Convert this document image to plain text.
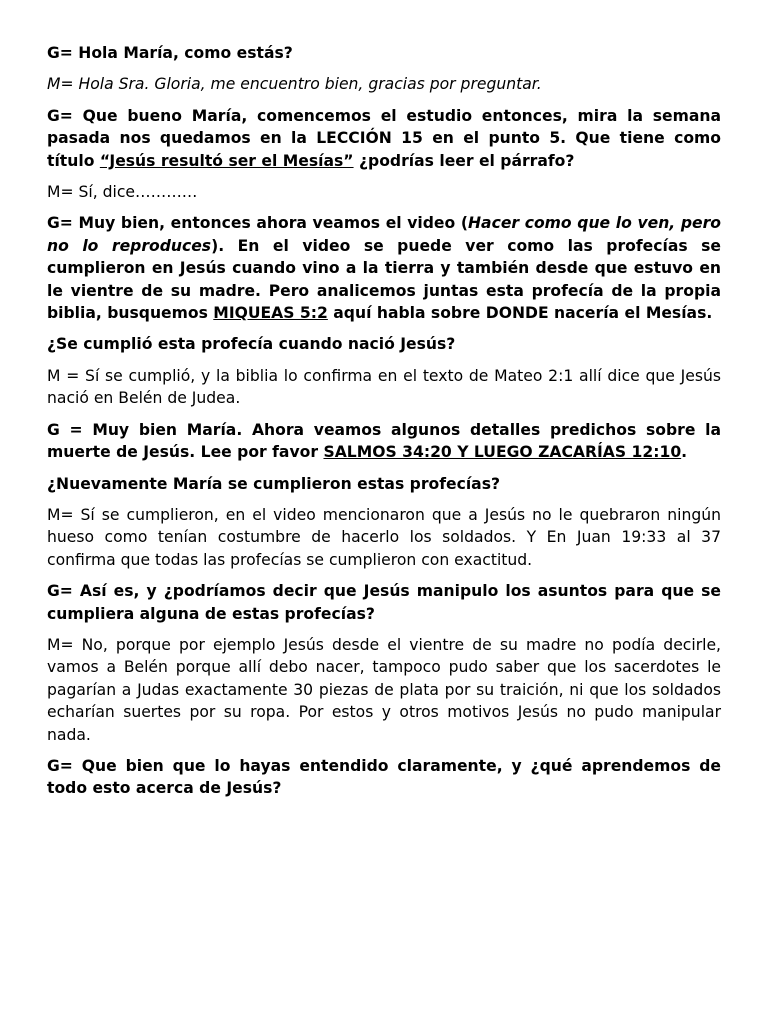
G= Hola María, como estás?

M= Hola Sra. Gloria, me encuentro bien, gracias por preguntar.

G= Que bueno María, comencemos el estudio entonces, mira la semana pasada nos quedamos en la LECCIÓN 15 en el punto 5. Que tiene como título “Jesús resultó ser el Mesías” ¿podrías leer el párrafo?

M= Sí, dice…………

G= Muy bien, entonces ahora veamos el video (Hacer como que lo ven, pero no lo reproduces). En el video se puede ver como las profecías se cumplieron en Jesús cuando vino a la tierra y también desde que estuvo en le vientre de su madre. Pero analicemos juntas esta profecía de la propia biblia, busquemos MIQUEAS 5:2 aquí habla sobre DONDE nacería el Mesías.

¿Se cumplió esta profecía cuando nació Jesús?

M = Sí se cumplió, y la biblia lo confirma en el texto de Mateo 2:1 allí dice que Jesús nació en Belén de Judea.

G = Muy bien María. Ahora veamos algunos detalles predichos sobre la muerte de Jesús. Lee por favor SALMOS 34:20 Y LUEGO ZACARÍAS 12:10.

¿Nuevamente María se cumplieron estas profecías?

M= Sí se cumplieron, en el video mencionaron que a Jesús no le quebraron ningún hueso como tenían costumbre de hacerlo los soldados. Y En Juan 19:33 al 37 confirma que todas las profecías se cumplieron con exactitud.

G= Así es, y ¿podríamos decir que Jesús manipulo los asuntos para que se cumpliera alguna de estas profecías?

M= No, porque por ejemplo Jesús desde el vientre de su madre no podía decirle, vamos a Belén porque allí debo nacer, tampoco pudo saber que los sacerdotes le pagarían a Judas exactamente 30 piezas de plata por su traición, ni que los soldados echarían suertes por su ropa. Por estos y otros motivos Jesús no pudo manipular nada.

G= Que bien que lo hayas entendido claramente, y ¿qué aprendemos de todo esto acerca de Jesús?
